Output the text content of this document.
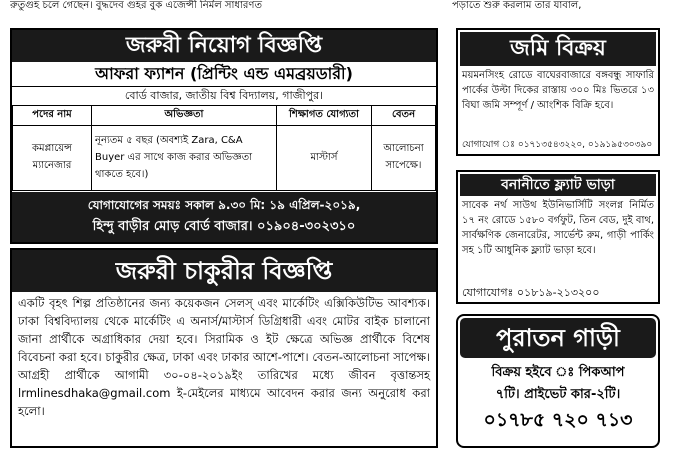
রুতুগুহ চলে গেছেন। বুদ্ধদেব গুহর বুক এজেন্সী নির্মল সাধারণত	পড়াতে শুরু করলাম তার যাবাল,
জরুরী নিয়োগ বিজ্ঞপ্তি
আফরা ফ্যাশন (প্রিন্টিং এন্ড এমব্রয়ডারী)
বোর্ড বাজার, জাতীয় বিশ্ব বিদ্যালয়, গাজীপুর।
পদের নাম	অভিজ্ঞতা	শিক্ষাগত যোগ্যতা	বেতন
কমপ্লায়েন্স ম্যানেজার	নূন্যতম ৫ বছর (অবশ্যই Zara, C&A Buyer এর সাথে কাজ করার অভিজ্ঞতা থাকতে হবে।)	মাস্টার্স	আলোচনা সাপেক্ষে।
যোগাযোগের সময়ঃ সকাল ৯.৩০ মি: ১৯ এপ্রিল-২০১৯,
হিন্দু বাড়ীর মোড় বোর্ড বাজার। ০১৯০৪-৩০২৩১০
জরুরী চাকুরীর বিজ্ঞপ্তি
একটি বৃহৎ শিল্প প্রতিষ্ঠানের জন্য কয়েকজন সেলস্ এবং মার্কেটিং এক্সিকিউটিভ আবশ্যক। ঢাকা বিশ্ববিদ্যালয় থেকে মার্কেটিং এ অনার্স/মাস্টার্স ডিগ্রিধারী এবং মোটর বাইক চালানো জানা প্রার্থীকে অগ্রাধিকার দেয়া হবে। সিরামিক ও ইট ক্ষেত্রে অভিজ্ঞ প্রার্থীকে বিশেষ বিবেচনা করা হবে। চাকুরীর ক্ষেত্র, ঢাকা এবং ঢাকার আশে-পাশে। বেতন-আলোচনা সাপেক্ষ। আগ্রহী প্রার্থীকে আগামী ৩০-০৪-২০১৯ইং তারিখের মধ্যে জীবন বৃত্তান্তসহ lrmlinesdhaka@gmail.com ই-মেইলের মাধ্যমে আবেদন করার জন্য অনুরোধ করা হলো।
জমি বিক্রয়
ময়মনসিংহ রোডে বাঘেরবাজারে বঙ্গবন্ধু সাফারি পার্কের উল্টা দিকের রাস্তায় ৩০০ মিঃ ভিতরে ১৩ বিঘা জমি সম্পূর্ণ / আংশিক বিক্রি হবে।
যোগাযোগ ঃ ০১৭১৩৫৪৩২২০, ০১৯১৯৫৩০৩৯০
বনানীতে ফ্ল্যাট ভাড়া
সাবেক নর্থ সাউথ ইউনিভার্সিটি সংলগ্ন নির্মিত ১৭ নং রোডে ১৫৮০ বর্গফুট, তিন বেড, দুই বাথ, সার্বক্ষণিক জেনারেটর, সার্ভেন্ট রুম, গাড়ী পার্কিং সহ ১টি আধুনিক ফ্ল্যাট ভাড়া হবে।
যোগাযোগঃ ০১৮১৯-২১৩২০০
পুরাতন গাড়ী
বিক্রয় হইবে ঃ পিকআপ
৭টি। প্রাইভেট কার-২টি।
০১৭৮৫ ৭২০ ৭১৩
